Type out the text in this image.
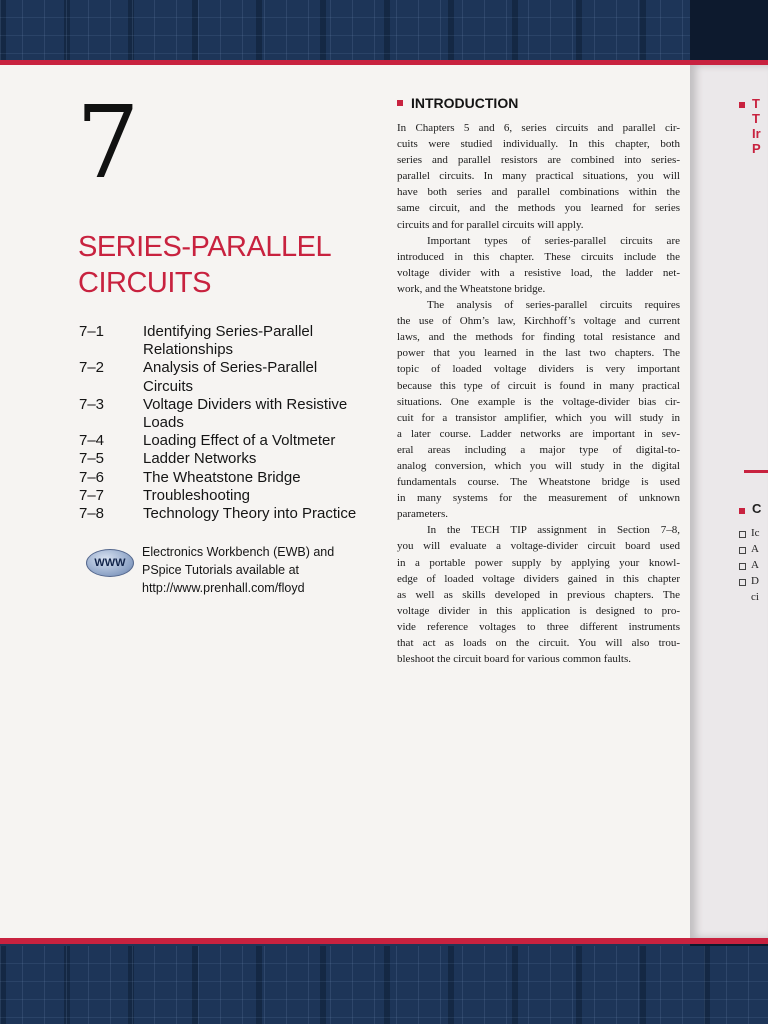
7
SERIES-PARALLEL
CIRCUITS
7–1	Identifying Series-Parallel
Relationships
7–2	Analysis of Series-Parallel
Circuits
7–3	Voltage Dividers with Resistive
Loads
7–4	Loading Effect of a Voltmeter
7–5	Ladder Networks
7–6	The Wheatstone Bridge
7–7	Troubleshooting
7–8	Technology Theory into Practice
WWW
Electronics Workbench (EWB) and
PSpice Tutorials available at
http://www.prenhall.com/floyd
INTRODUCTION
In Chapters 5 and 6, series circuits and parallel cir-
cuits were studied individually. In this chapter, both
series and parallel resistors are combined into series-
parallel circuits. In many practical situations, you will
have both series and parallel combinations within the
same circuit, and the methods you learned for series
circuits and for parallel circuits will apply.
Important types of series-parallel circuits are
introduced in this chapter. These circuits include the
voltage divider with a resistive load, the ladder net-
work, and the Wheatstone bridge.
The analysis of series-parallel circuits requires
the use of Ohm’s law, Kirchhoff’s voltage and current
laws, and the methods for finding total resistance and
power that you learned in the last two chapters. The
topic of loaded voltage dividers is very important
because this type of circuit is found in many practical
situations. One example is the voltage-divider bias cir-
cuit for a transistor amplifier, which you will study in
a later course. Ladder networks are important in sev-
eral areas including a major type of digital-to-
analog conversion, which you will study in the digital
fundamentals course. The Wheatstone bridge is used
in many systems for the measurement of unknown
parameters.
In the TECH TIP assignment in Section 7–8,
you will evaluate a voltage-divider circuit board used
in a portable power supply by applying your knowl-
edge of loaded voltage dividers gained in this chapter
as well as skills developed in previous chapters. The
voltage divider in this application is designed to pro-
vide reference voltages to three different instruments
that act as loads on the circuit. You will also trou-
bleshoot the circuit board for various common faults.
T
T
Ir
P
C
Ic
A
A
D
ci
